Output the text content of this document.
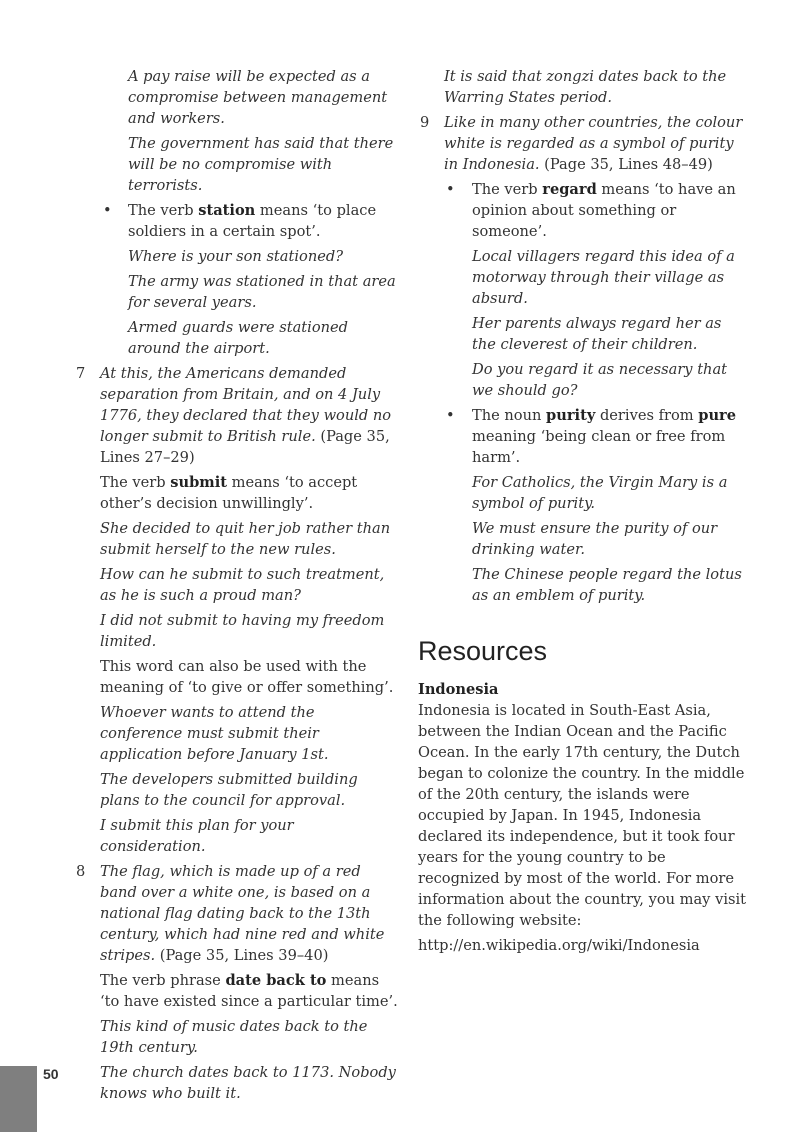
A pay raise will be expected as a compromise between management and workers.

The government has said that there will be no compromise with terrorists.

• The verb station means ‘to place soldiers in a certain spot’.

Where is your son stationed?

The army was stationed in that area for several years.

Armed guards were stationed around the airport.

7 At this, the Americans demanded separation from Britain, and on 4 July 1776, they declared that they would no longer submit to British rule. (Page 35, Lines 27–29)

The verb submit means ‘to accept other’s decision unwillingly’.

She decided to quit her job rather than submit herself to the new rules.

How can he submit to such treatment, as he is such a proud man?

I did not submit to having my freedom limited.

This word can also be used with the meaning of ‘to give or offer something’.

Whoever wants to attend the conference must submit their application before January 1st.

The developers submitted building plans to the council for approval.

I submit this plan for your consideration.

8 The flag, which is made up of a red band over a white one, is based on a national flag dating back to the 13th century, which had nine red and white stripes. (Page 35, Lines 39–40)

The verb phrase date back to means ‘to have existed since a particular time’.

This kind of music dates back to the 19th century.

The church dates back to 1173. Nobody knows who built it.

It is said that zongzi dates back to the Warring States period.

9 Like in many other countries, the colour white is regarded as a symbol of purity in Indonesia. (Page 35, Lines 48–49)

• The verb regard means ‘to have an opinion about something or someone’.

Local villagers regard this idea of a motorway through their village as absurd.

Her parents always regard her as the cleverest of their children.

Do you regard it as necessary that we should go?

• The noun purity derives from pure meaning ‘being clean or free from harm’.

For Catholics, the Virgin Mary is a symbol of purity.

We must ensure the purity of our drinking water.

The Chinese people regard the lotus as an emblem of purity.

Resources

Indonesia

Indonesia is located in South-East Asia, between the Indian Ocean and the Pacific Ocean. In the early 17th century, the Dutch began to colonize the country. In the middle of the 20th century, the islands were occupied by Japan. In 1945, Indonesia declared its independence, but it took four years for the young country to be recognized by most of the world. For more information about the country, you may visit the following website:

http://en.wikipedia.org/wiki/Indonesia

50
